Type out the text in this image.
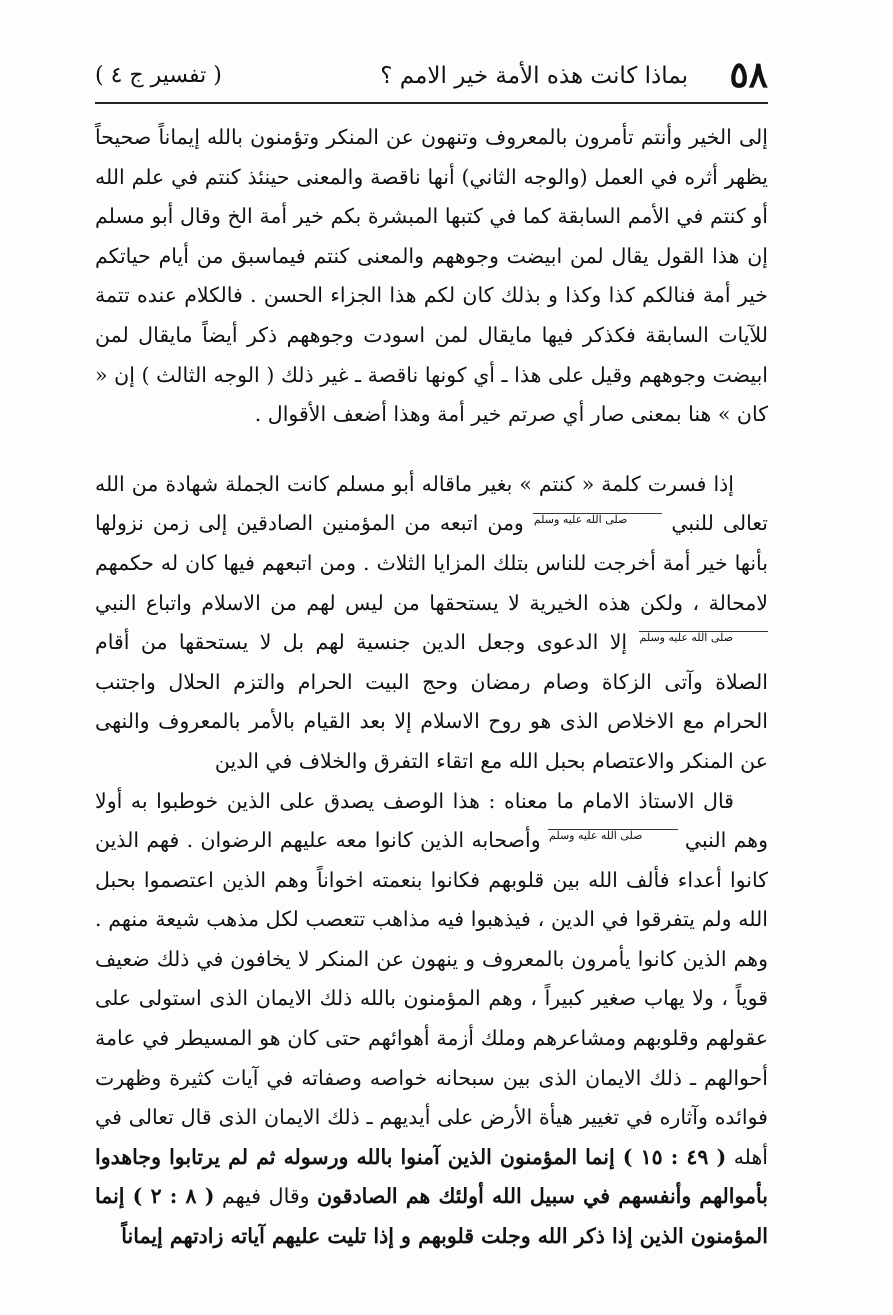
٥٨
بماذا كانت هذه الأمة خير الامم ؟
( تفسير ج ٤ )

إلى الخير وأنتم تأمرون بالمعروف وتنهون عن المنكر وتؤمنون بالله إيماناً صحيحاً يظهر أثره في العمل (والوجه الثاني) أنها ناقصة والمعنى حينئذ كنتم في علم الله أو كنتم في الأمم السابقة كما في كتبها المبشرة بكم خير أمة الخ وقال أبو مسلم إن هذا القول يقال لمن ابيضت وجوههم والمعنى كنتم فيماسبق من أيام حياتكم خير أمة فنالكم كذا وكذا و بذلك كان لكم هذا الجزاء الحسن . فالكلام عنده تتمة للآيات السابقة فكذكر فيها مايقال لمن اسودت وجوههم ذكر أيضاً مايقال لمن ابيضت وجوههم وقيل على هذا ـ أي كونها ناقصة ـ غير ذلك ( الوجه الثالث ) إن « كان » هنا بمعنى صار أي صرتم خير أمة وهذا أضعف الأقوال .

إذا فسرت كلمة « كنتم » بغير ماقاله أبو مسلم كانت الجملة شهادة من الله تعالى للنبي صلى الله عليه وسلم ومن اتبعه من المؤمنين الصادقين إلى زمن نزولها بأنها خير أمة أخرجت للناس بتلك المزايا الثلاث . ومن اتبعهم فيها كان له حكمهم لامحالة ، ولكن هذه الخيرية لا يستحقها من ليس لهم من الاسلام واتباع النبي صلى الله عليه وسلم إلا الدعوى وجعل الدين جنسية لهم بل لا يستحقها من أقام الصلاة وآتى الزكاة وصام رمضان وحج البيت الحرام والتزم الحلال واجتنب الحرام مع الاخلاص الذى هو روح الاسلام إلا بعد القيام بالأمر بالمعروف والنهى عن المنكر والاعتصام بحبل الله مع اتقاء التفرق والخلاف في الدين

قال الاستاذ الامام ما معناه : هذا الوصف يصدق على الذين خوطبوا به أولا وهم النبي صلى الله عليه وسلم وأصحابه الذين كانوا معه عليهم الرضوان . فهم الذين كانوا أعداء فألف الله بين قلوبهم فكانوا بنعمته اخواناً وهم الذين اعتصموا بحبل الله ولم يتفرقوا في الدين ، فيذهبوا فيه مذاهب تتعصب لكل مذهب شيعة منهم . وهم الذين كانوا يأمرون بالمعروف و ينهون عن المنكر لا يخافون في ذلك ضعيف قوياً ، ولا يهاب صغير كبيراً ، وهم المؤمنون بالله ذلك الايمان الذى استولى على عقولهم وقلوبهم ومشاعرهم وملك أزمة أهوائهم حتى كان هو المسيطر في عامة أحوالهم ـ ذلك الايمان الذى بين سبحانه خواصه وصفاته في آيات كثيرة وظهرت فوائده وآثاره في تغيير هيأة الأرض على أيديهم ـ ذلك الايمان الذى قال تعالى في أهله ( ٤٩ : ١٥ ) إنما المؤمنون الذين آمنوا بالله ورسوله ثم لم يرتابوا وجاهدوا بأموالهم وأنفسهم في سبيل الله أولئك هم الصادقون وقال فيهم ( ٨ : ٢ ) إنما المؤمنون الذين إذا ذكر الله وجلت قلوبهم و إذا تليت عليهم آياته زادتهم إيماناً
